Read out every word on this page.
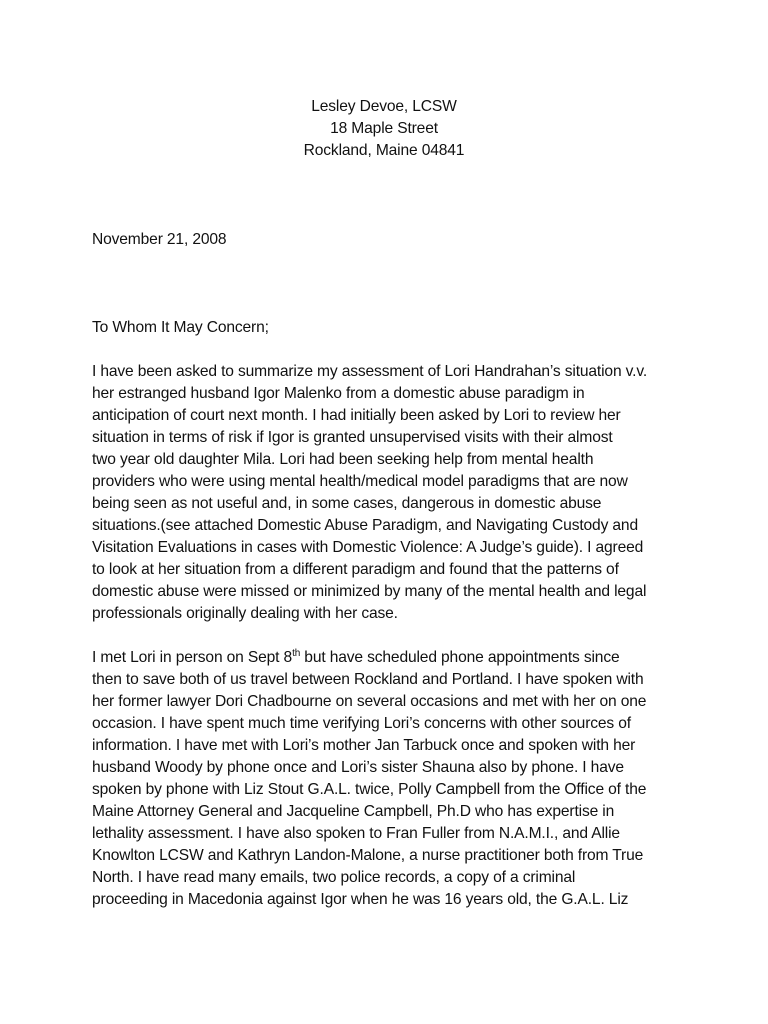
Lesley Devoe, LCSW
18 Maple Street
Rockland, Maine 04841
November 21, 2008
To Whom It May Concern;
I have been asked to summarize my assessment of Lori Handrahan’s situation v.v.
her estranged husband Igor Malenko from a domestic abuse paradigm in
anticipation of court next month. I had initially been asked by Lori to review her
situation in terms of risk if Igor is granted unsupervised visits with their almost
two year old daughter Mila. Lori had been seeking help from mental health
providers who were using mental health/medical model paradigms that are now
being seen as not useful and, in some cases, dangerous in domestic abuse
situations.(see attached Domestic Abuse Paradigm, and Navigating Custody and
Visitation Evaluations in cases with Domestic Violence: A Judge’s guide). I agreed
to look at her situation from a different paradigm and found that the patterns of
domestic abuse were missed or minimized by many of the mental health and legal
professionals originally dealing with her case.
I met Lori in person on Sept 8th but have scheduled phone appointments since
then to save both of us travel between Rockland and Portland. I have spoken with
her former lawyer Dori Chadbourne on several occasions and met with her on one
occasion. I have spent much time verifying Lori’s concerns with other sources of
information. I have met with Lori’s mother Jan Tarbuck once and spoken with her
husband Woody by phone once and Lori’s sister Shauna also by phone. I have
spoken by phone with Liz Stout G.A.L. twice, Polly Campbell from the Office of the
Maine Attorney General and Jacqueline Campbell, Ph.D who has expertise in
lethality assessment. I have also spoken to Fran Fuller from N.A.M.I., and Allie
Knowlton LCSW and Kathryn Landon-Malone, a nurse practitioner both from True
North. I have read many emails, two police records, a copy of a criminal
proceeding in Macedonia against Igor when he was 16 years old, the G.A.L. Liz
